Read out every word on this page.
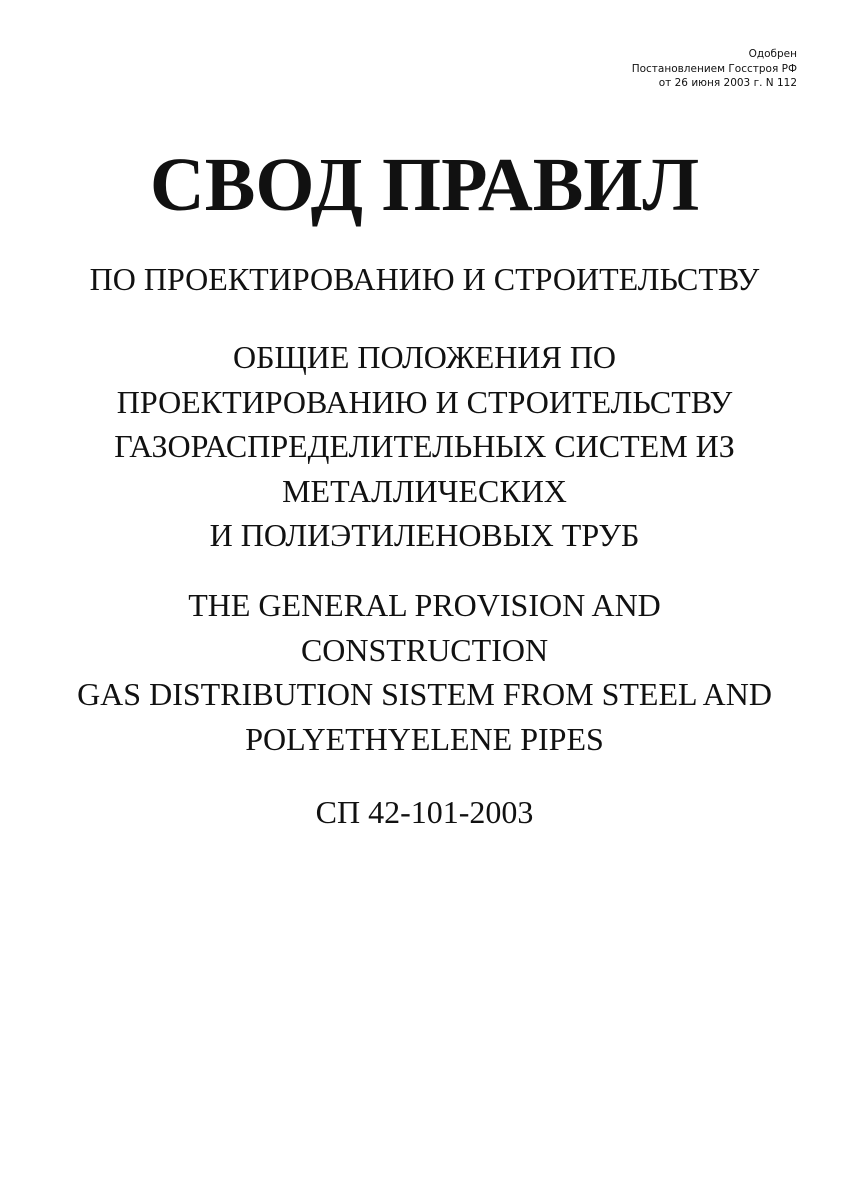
Одобрен
Постановлением Госстроя РФ
от 26 июня 2003 г. N 112
СВОД ПРАВИЛ
ПО ПРОЕКТИРОВАНИЮ И СТРОИТЕЛЬСТВУ
ОБЩИЕ ПОЛОЖЕНИЯ ПО
ПРОЕКТИРОВАНИЮ И СТРОИТЕЛЬСТВУ
ГАЗОРАСПРЕДЕЛИТЕЛЬНЫХ СИСТЕМ ИЗ
МЕТАЛЛИЧЕСКИХ
И ПОЛИЭТИЛЕНОВЫХ ТРУБ
THE GENERAL PROVISION AND
CONSTRUCTION
GAS DISTRIBUTION SISTEM FROM STEEL AND
POLYETHYELENE PIPES
СП 42-101-2003
